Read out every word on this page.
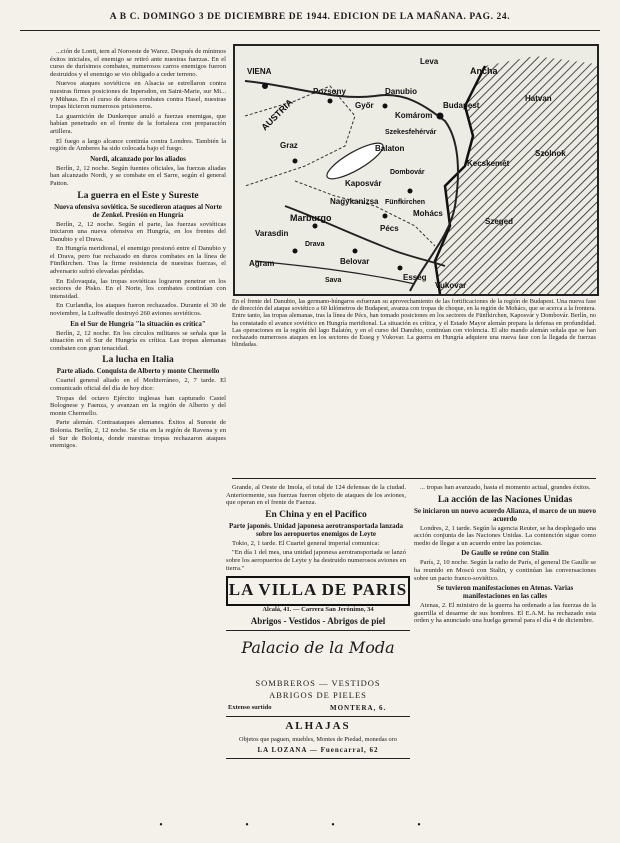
A B C. DOMINGO 3 DE DICIEMBRE DE 1944. EDICION DE LA MAÑANA. PAG. 24.

...ción de Lonti, tern al Noroeste de Warez. Después de mínimos éxitos iniciales, el enemigo se retiró ante nuestras fuerzas. En el curso de durísimos combates, numerosos carros enemigos fueron destruidos y el enemigo se vio obligado a ceder terreno.

Nuevos ataques soviéticos en Alsacia se estrellaron contra nuestras firmes posiciones de Inpersdon, en Saint-Marie, sur Mi... y Mühaus. En el curso de duros combates contra Hasel, nuestras tropas hicieron numerosos prisioneros.

La guarnición de Dunkerque anuló a fuerzas enemigas, que habían penetrado en el frente de la fortaleza con preparación artillera.

El fuego a largo alcance continúa contra Londres. También la región de Amberes ha sido colocada bajo el fuego.

Nordi, alcanzado por los aliados

Berlín, 2, 12 noche. Según fuentes oficiales, las fuerzas aliadas han alcanzado Nordi, y se combate en el Sarre, según el general Patton.

La guerra en el Este y Sureste
Nueva ofensiva soviética. Se sucedieron ataques al Norte de Zenkel. Presión en Hungría

Berlín, 2, 12 noche. Según el parte, las fuerzas soviéticas iniciaron una nueva ofensiva en Hungría, en los frentes del Danubio y el Drava.

En Hungría meridional, el enemigo presionó entre el Danubio y el Drava, pero fue rechazado en duros combates en la línea de Fünfkirchen. Tras la firme resistencia de nuestras fuerzas, el adversario sufrió elevadas pérdidas.

En Eslovaquia, las tropas soviéticas lograron penetrar en los sectores de Pisko. En el Norte, los combates continúan con intensidad.

En Curlandia, los ataques fueron rechazados. Durante el 30 de noviembre, la Luftwaffe destruyó 260 aviones soviéticos.

En el Sur de Hungría "la situación es crítica"

Berlín, 2, 12 noche. En los círculos militares se señala que la situación en el Sur de Hungría es crítica. Las tropas alemanas combaten con gran tenacidad.

La lucha en Italia
Parte aliado. Conquista de Alberto y monte Chermello

Cuartel general aliado en el Mediterráneo, 2, 7 tarde. El comunicado oficial del día de hoy dice:

Tropas del octavo Ejército inglesas han capturado Castel Bolognese y Faenza, y avanzan en la región de Alberto y del monte Chermello.

Parte alemán. Contraataques alemanes. Éxitos al Sureste de Bolonia. Berlín, 2, 12 noche. Se cita en la región de Ravena y en el Sur de Bolonia, donde nuestras tropas rechazaron ataques enemigos.

VIENA
AUSTRIA
Leva
Ancha
Pozsony
Győr
Danubio
Komárom
Budapest
Hatvan
Szolnok
Kecskemét
Graz	Balaton
Kaposvár
Nagykanizsa
Mohács
Pécs
Marburgo
Varasdin
Agram
Szeged
Esseg
Vukovar
Belovar
Drava
Sava
Fünfkirchen
Dombovár
Szekesfehérvár
En el frente del Danubio, las germano-húngaros esfuerzan su aprovechamiento de las fortificaciones de la región de Budapest. Una nueva fase de dirección del ataque soviético a 60 kilómetros de Budapest, avanza con tropas de choque, en la región de Mohács, que se acerca a la frontera. Entre tanto, las tropas alemanas, tras la línea de Pécs, han tomado posiciones en los sectores de Fünfkirchen, Kaposvár y Dombovár. Berlín, no ha constatado el avance soviético en Hungría meridional. La situación es crítica, y el Estado Mayor alemán prepara la defensa en profundidad. Las operaciones en la región del lago Balatón, y en el curso del Danubio, continúan con violencia. El alto mando alemán señala que se han rechazado numerosos ataques en los sectores de Esseg y Vukovar. La guerra en Hungría adquiere una nueva fase con la llegada de fuerzas blindadas.

Grande, al Oeste de Imola, el total de 124 defensas de la ciudad. Anteriormente, sus fuerzas fueron objeto de ataques de los aviones, que operan en el frente de Faenza.

En China y en el Pacífico
Parte japonés. Unidad japonesa aerotransportada lanzada sobre los aeropuertos enemigos de Leyte

Tokio, 2, 1 tarde. El Cuartel general imperial comunica:

"En día 1 del mes, una unidad japonesa aerotransportada se lanzó sobre los aeropuertos de Leyte y ha destruido numerosos aviones en tierra."

LA VILLA DE PARIS
Alcalá, 41. — Carrera San Jerónimo, 34
Abrigos - Vestidos - Abrigos de piel
Palacio de la Moda
SOMBREROS — VESTIDOS
ABRIGOS DE PIELES
Extenso surtido	MONTERA, 6.
ALHAJAS
Objetos que paguen, muebles, Montes de Piedad, monedas oro
LA LOZANA — Fuencarral, 62

... tropas han avanzado, hasta el momento actual, grandes éxitos.

La acción de las Naciones Unidas
Se iniciaron un nuevo acuerdo Alianza, el marco de un nuevo acuerdo

Londres, 2, 1 tarde. Según la agencia Reuter, se ha desplegado una acción conjunta de las Naciones Unidas. La contención sigue como medio de llegar a un acuerdo entre las potencias.

De Gaulle se reúne con Stalin

París, 2, 10 noche. Según la radio de París, el general De Gaulle se ha reunido en Moscú con Stalin, y continúan las conversaciones sobre un pacto franco-soviético.

Se tuvieron manifestaciones en Atenas. Varias manifestaciones en las calles

Atenas, 2. El ministro de la guerra ha ordenado a las fuerzas de la guerrilla el desarme de sus hombres. El E.A.M. ha rechazado esta orden y ha anunciado una huelga general para el día 4 de diciembre.

• • • •
